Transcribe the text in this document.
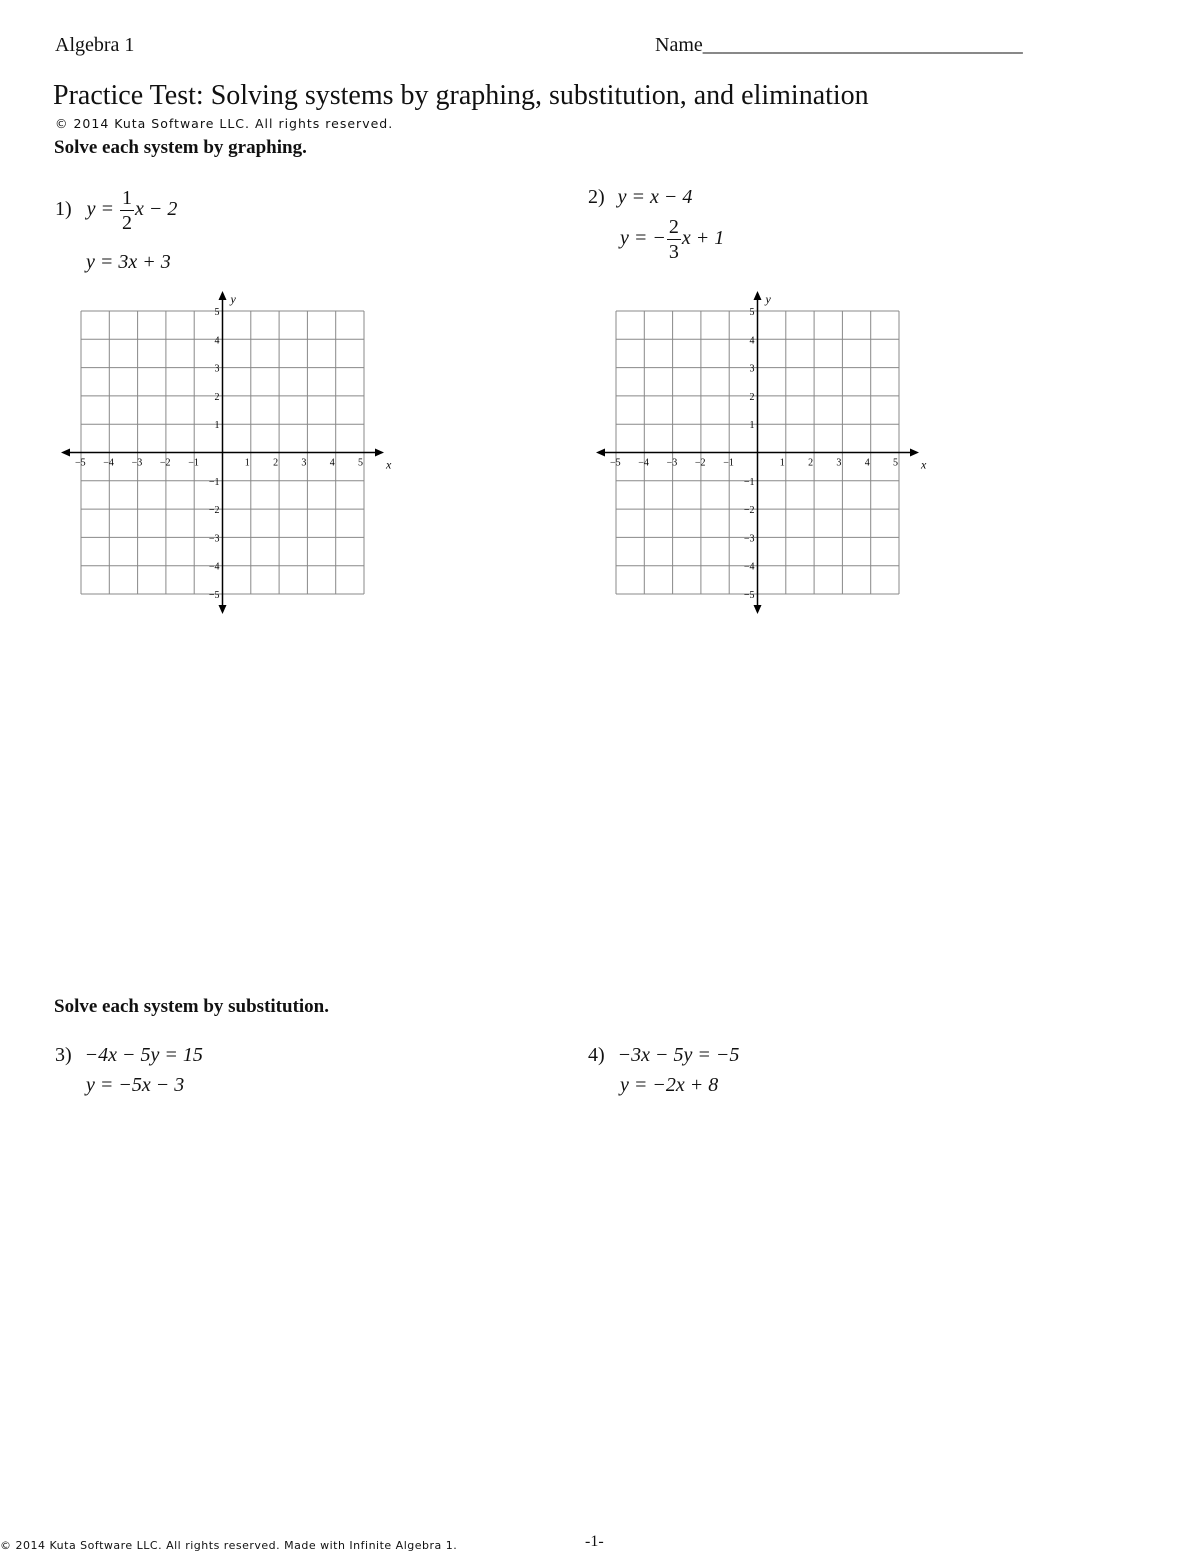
Algebra 1	Name________________________________
Practice Test: Solving systems by graphing, substitution, and elimination
© 2014 Kuta Software LLC. All rights reserved.
Solve each system by graphing.
1) $y = \frac{1}{2}$ x − 2
y = 3x + 3
2) y = x − 4
y = − $\frac{2}{3}$ x + 1
x
y
−5 −4 −3 −2 −1	1 2 3 4 5
5
4
3
2
1
−1
−2
−3
−4
−5
x
y
−5 −4 −3 −2 −1	1 2 3 4 5
5
4
3
2
1
−1
−2
−3
−4
−5
Solve each system by substitution.
3) −4x − 5y = 15
y = −5x − 3
4) −3x − 5y = −5
y = −2x + 8
© 2014 Kuta Software LLC. All rights reserved. Made with Infinite Algebra 1.	-1-
